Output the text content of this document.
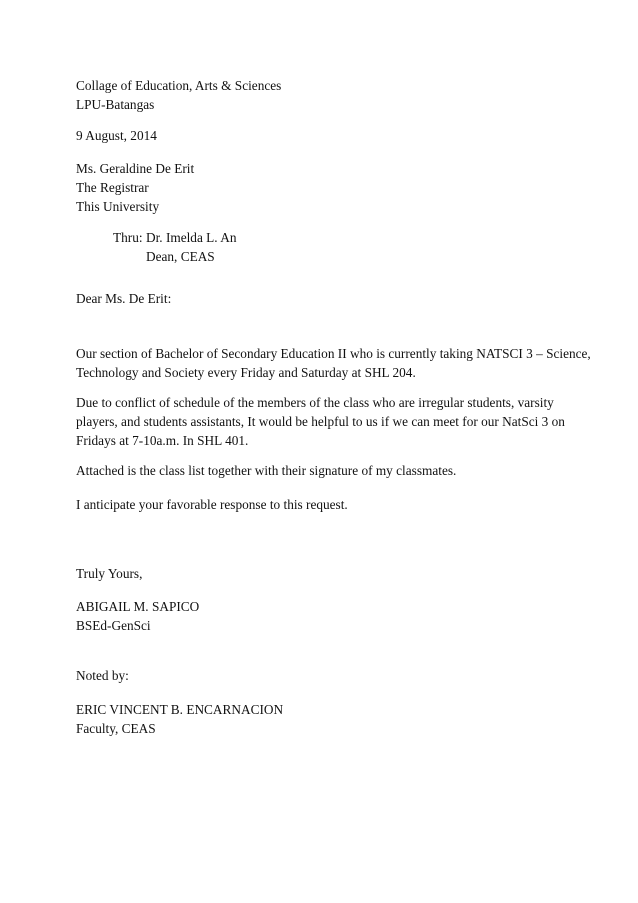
Collage of Education, Arts & Sciences
LPU-Batangas
9 August, 2014
Ms. Geraldine De Erit
The Registrar
This University
Thru: Dr. Imelda L. An
Dean, CEAS
Dear Ms. De Erit:
Our section of Bachelor of Secondary Education II who is currently taking NATSCI 3 – Science,
Technology and Society every Friday and Saturday at SHL 204.
Due to conflict of schedule of the members of the class who are irregular students, varsity
players, and students assistants, It would be helpful to us if we can meet for our NatSci 3 on
Fridays at 7-10a.m. In SHL 401.
Attached is the class list together with their signature of my classmates.
I anticipate your favorable response to this request.
Truly Yours,
ABIGAIL M. SAPICO
BSEd-GenSci
Noted by:
ERIC VINCENT B. ENCARNACION
Faculty, CEAS
